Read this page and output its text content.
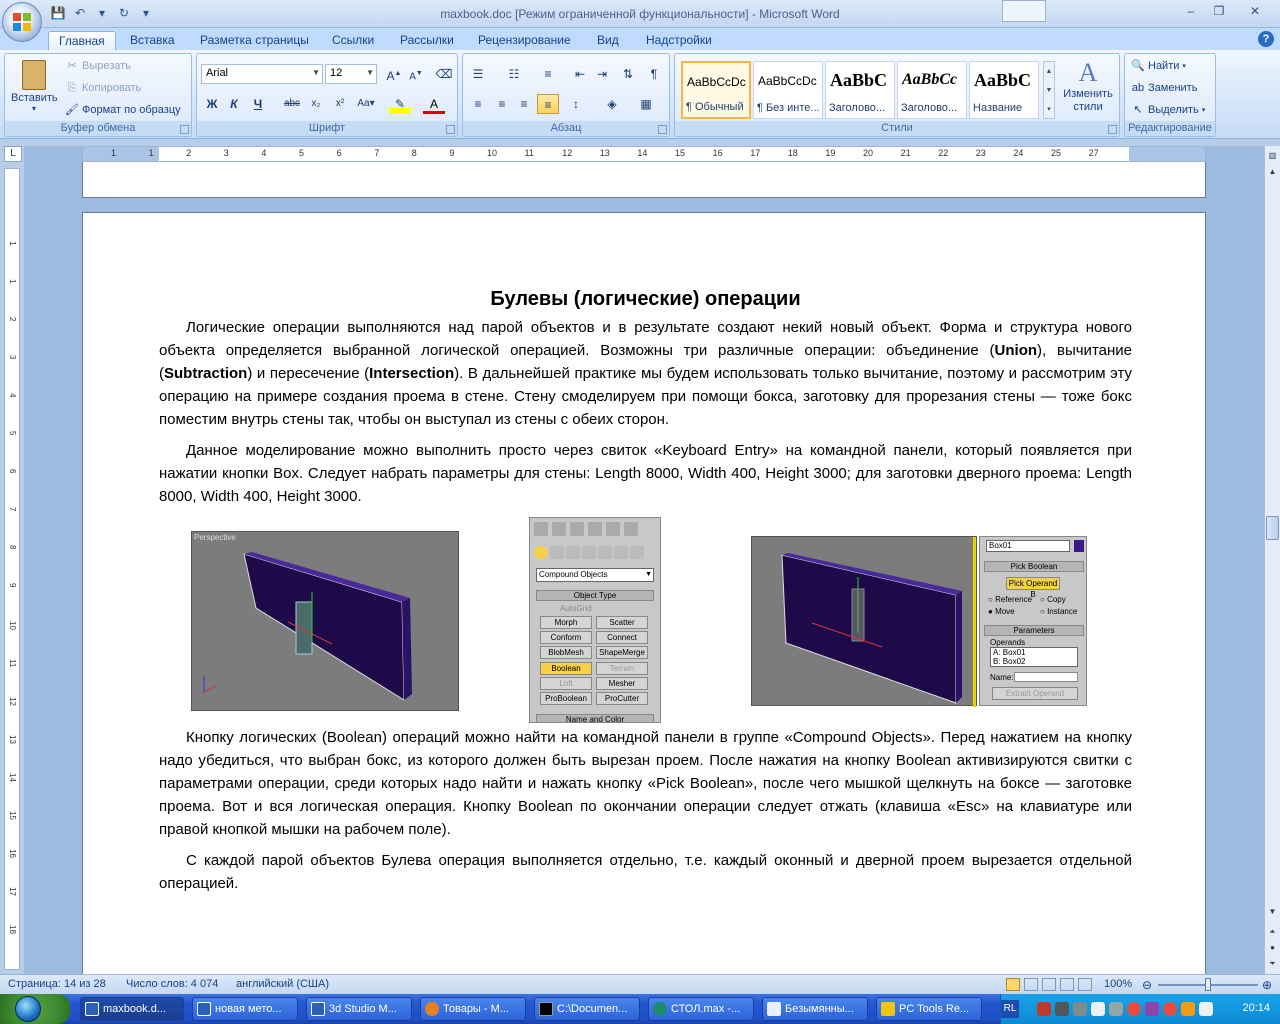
💾 ↶	▾	↻	▾	maxbook.doc [Режим ограниченной функциональности] - Microsoft Word	–	❐	✕
Главная	Вставка	Разметка страницы	Ссылки	Рассылки	Рецензирование	Вид	Надстройки	?
Вставить
▾
✂ Вырезать
⎘ Копировать
🖌 Формат по образцу
Буфер обмена
Arial	▼ 12	▼ A▲ A▼	⌫
Ж	К	Ч	abc	x₂	x²	Aa▾	✎	A
Шрифт
☰	☷	≡	⇤ ⇥	⇅	¶
≡	≡	≡	≡	↕	◈	▦
Абзац
AaBbCcDc
¶ Обычный
AaBbCcDc
¶ Без инте...
AaBbC
Заголово...
AaBbCc
Заголово...
AaBbC
Название
▲
▼
▾
A
Изменить стили
Стили
🔍 Найти ▾
ab Заменить
↖ Выделить ▾
Редактирование
L
Булевы (логические) операции
Логические операции выполняются над парой объектов и в результате создают некий новый объект. Форма и структура нового объекта определяется выбранной логической операцией. Возможны три различные операции: объединение (Union), вычитание (Subtraction) и пересечение (Intersection). В дальнейшей практике мы будем использовать только вычитание, поэтому и рассмотрим эту операцию на примере создания проема в стене. Стену смоделируем при помощи бокса, заготовку для прорезания стены — тоже бокс поместим внутрь стены так, чтобы он выступал из стены с обеих сторон.
Данное моделирование можно выполнить просто через свиток «Keyboard Entry» на командной панели, который появляется при нажатии кнопки Box. Следует набрать параметры для стены: Length 8000, Width 400, Height 3000; для заготовки дверного проема: Length 8000, Width 400, Height 3000.
Кнопку логических (Boolean) операций можно найти на командной панели в группе «Compound Objects». Перед нажатием на кнопку надо убедиться, что выбран бокс, из которого должен быть вырезан проем. После нажатия на кнопку Boolean активизируются свитки с параметрами операции, среди которых надо найти и нажать кнопку «Pick Boolean», после чего мышкой щелкнуть на боксе — заготовке проема. Вот и вся логическая операция. Кнопку Boolean по окончании операции следует отжать (клавиша «Esc» на клавиатуре или правой кнопкой мышки на рабочем поле).
С каждой парой объектов Булева операция выполняется отдельно, т.е. каждый оконный и дверной проем вырезается отдельной операцией.
Perspective
Compound Objects	▼
Object Type
AutoGrid
Morph	Scatter
Conform	Connect
BlobMesh	ShapeMerge
Boolean	Terrain
Loft	Mesher
ProBoolean	ProCutter
Name and Color
Box01
Pick Boolean
Pick Operand B
○ Reference ○ Copy
● Move	○ Instance
Parameters
Operands
A: Box01
B: Box02
Name:
Extract Operand
1	1	2	3	4	5	6	7	8	9	10	11	12	13	14	15	16	17	18	19	20	21	22	23	24	25	27
1
1
2
3
4
5
6
7
8
9
10
11
12
13
14
15
16
17
18
▥
▲
▼
⏶
●
⏷
Страница: 14 из 28 Число слов: 4 074 английский (США)	100% ⊖	⊕
maxbook.d...	новая мето...	3d Studio M...	Товары - M...	C:\Documen...	СТОЛ.max -...	Безымянны...	PC Tools Re...	RL	20:14
